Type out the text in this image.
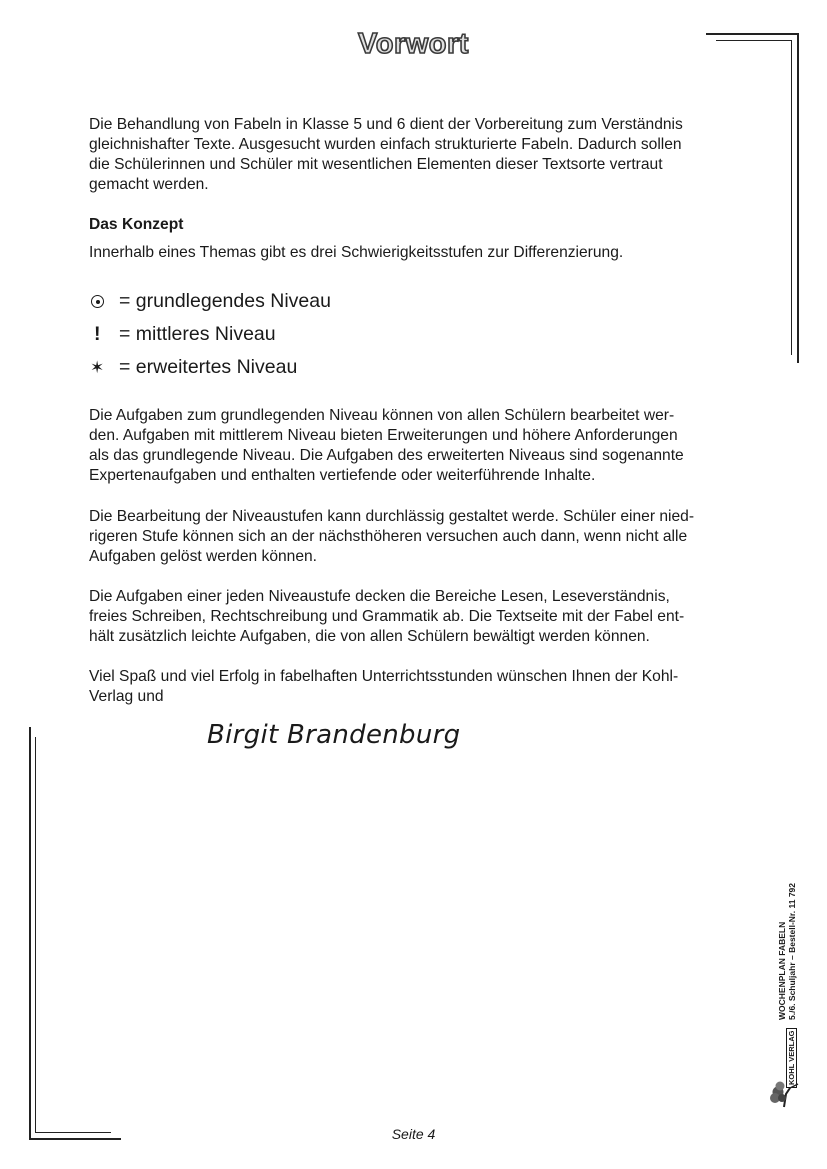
Vorwort
Die Behandlung von Fabeln in Klasse 5 und 6 dient der Vorbereitung zum Verständnis
gleichnishafter Texte. Ausgesucht wurden einfach strukturierte Fabeln. Dadurch sollen
die Schülerinnen und Schüler mit wesentlichen Elementen dieser Textsorte vertraut
gemacht werden.
Das Konzept
Innerhalb eines Themas gibt es drei Schwierigkeitsstufen zur Differenzierung.
= grundlegendes Niveau
! = mittleres Niveau
✶ = erweitertes Niveau
Die Aufgaben zum grundlegenden Niveau können von allen Schülern bearbeitet wer-
den. Aufgaben mit mittlerem Niveau bieten Erweiterungen und höhere Anforderungen
als das grundlegende Niveau. Die Aufgaben des erweiterten Niveaus sind sogenannte
Expertenaufgaben und enthalten vertiefende oder weiterführende Inhalte.
Die Bearbeitung der Niveaustufen kann durchlässig gestaltet werde. Schüler einer nied-
rigeren Stufe können sich an der nächsthöheren versuchen auch dann, wenn nicht alle
Aufgaben gelöst werden können.
Die Aufgaben einer jeden Niveaustufe decken die Bereiche Lesen, Leseverständnis,
freies Schreiben, Rechtschreibung und Grammatik ab. Die Textseite mit der Fabel ent-
hält zusätzlich leichte Aufgaben, die von allen Schülern bewältigt werden können.
Viel Spaß und viel Erfolg in fabelhaften Unterrichtsstunden wünschen Ihnen der Kohl-
Verlag und
Birgit Brandenburg
WOCHENPLAN FABELN 5./6. Schuljahr – Bestell-Nr. 11 792
KOHL VERLAG
Seite 4
